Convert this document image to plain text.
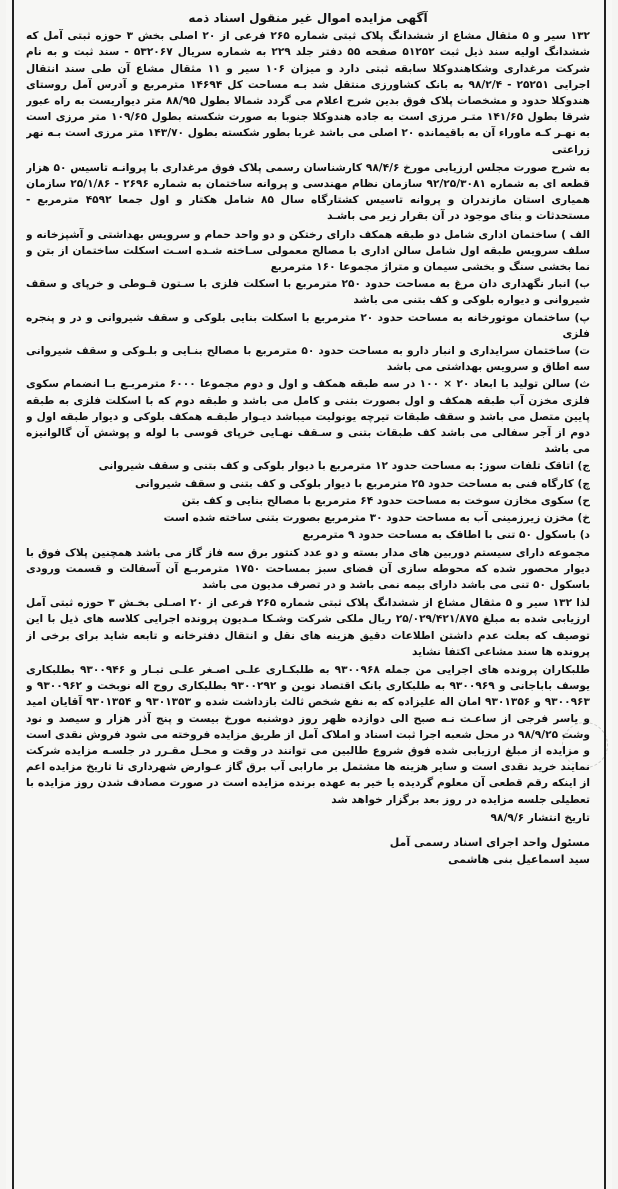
آگهی مزایده اموال غیر منقول اسناد ذمه
۱۳۲ سیر و ۵ مثقال مشاع از ششدانگ پلاک ثبتی شماره ۲۶۵ فرعی از ۲۰ اصلی بخش ۳ حوزه ثبتی آمل که ششدانگ اولیه سند ذیل ثبت ۵۱۲۵۲ صفحه ۵۵ دفتر جلد ۲۲۹ به شماره سریال ۵۳۲۰۶۷ - سند ثبت و به نام شرکت مرغداری وشکاهندوکلا سابقه ثبتی دارد و میزان ۱۰۶ سیر و ۱۱ مثقال مشاع آن طی سند انتقال اجرایی ۲۵۲۵۱ - ۹۸/۲/۴ به بانک کشاورزی منتقل شد بـه مساحت کل ۱۴۶۹۴ مترمربع و آدرس آمل روستای هندوکلا حدود و مشخصات پلاک فوق بدین شرح اعلام می گردد شمالا بطول ۸۸/۹۵ متر دیواریست به راه عبور شرقا بطول ۱۴۱/۶۵ متـر مرزی است به جاده هندوکلا جنوبا به صورت شکسته بطول ۱۰۹/۶۵ متر مرزی است به نهـر کـه ماوراء آن به باقیمانده ۲۰ اصلی می باشد غربا بطور شکسته بطول ۱۴۳/۷۰ متر مرزی است بـه نهر زراعتی
به شرح صورت مجلس ارزیابی مورخ ۹۸/۴/۶ کارشناسان رسمی پلاک فوق مرغداری با پروانـه تاسیس ۵۰ هزار قطعه ای به شماره ۹۲/۲۵/۳۰۸۱ سازمان نظام مهندسی و پروانه ساختمان به شماره ۲۶۹۶ - ۲۵/۱/۸۶ سازمان همیاری استان مازندران و پروانه تاسیس کشتارگاه سال ۸۵ شامل هکتار و اول جمعا ۴۵۹۲ مترمربع - مستحدثات و بنای موجود در آن بقرار زیر می باشـد
الف ) ساختمان اداری شامل دو طبقه همکف دارای رختکن و دو واحد حمام و سرویس بهداشتی و آشپزخانه و سلف سرویس طبقه اول شامل سالن اداری با مصالح معمولی سـاخته شـده اسـت اسکلت ساختمان از بتن و نما بخشی سنگ و بخشی سیمان و متراژ مجموعا ۱۶۰ مترمربع
ب) انبار نگهداری دان مرغ به مساحت حدود ۲۵۰ مترمربع با اسکلت فلزی با سـتون قـوطی و خرپای و سقف شیروانی و دیواره بلوکی و کف بتنی می باشد
پ) ساختمان موتورخانه به مساحت حدود ۲۰ مترمربع با اسکلت بنایی بلوکی و سقف شیروانی و در و پنجره فلزی
ت) ساختمان سرایداری و انبار دارو به مساحت حدود ۵۰ مترمربع با مصالح بنـایی و بلـوکی و سقف شیروانی سه اطاق و سرویس بهداشتی می باشد
ث) سالن تولید با ابعاد ۲۰ × ۱۰۰ در سه طبقه همکف و اول و دوم مجموعا ۶۰۰۰ مترمربـع بـا انضمام سکوی فلزی مخزن آب طبقه همکف و اول بصورت بتنی و کامل می باشد و طبقه دوم که با اسکلت فلزی به طبقه پایین متصل می باشد و سقف طبقات تیرچه یونولیت میباشد دیـوار طبقـه همکف بلوکی و دیوار طبقه اول و دوم از آجر سفالی می باشد کف طبقات بتنی و سـقف نهـایی خرپای قوسی با لوله و پوشش آن گالوانیزه می باشد
ج) اتاقک تلفات سوز: به مساحت حدود ۱۲ مترمربع با دیوار بلوکی و کف بتنی و سقف شیروانی
چ) کارگاه فنی به مساحت حدود ۲۵ مترمربع با دیوار بلوکی و کف بتنی و سقف شیروانی
ح) سکوی مخازن سوخت به مساحت حدود ۶۴ مترمربع با مصالح بنایی و کف بتن
خ) مخزن زیرزمینی آب به مساحت حدود ۳۰ مترمربع بصورت بتنی ساخته شده است
د) باسکول ۵۰ تنی با اطاقک به مساحت حدود ۹ مترمربع
مجموعه دارای سیستم دوربین های مدار بسته و دو عدد کنتور برق سه فاز گاز می باشد همچنین پلاک فوق با دیوار محصور شده که محوطه سازی آن فضای سبز بمساحت ۱۷۵۰ مترمربـع آن آسفالت و قسمت ورودی باسکول ۵۰ تنی می باشد دارای بیمه نمی باشد و در تصرف مدیون می باشد
لذا ۱۳۲ سیر و ۵ مثقال مشاع از ششدانگ پلاک ثبتی شماره ۲۶۵ فرعی از ۲۰ اصـلی بخـش ۳ حوزه ثبتی آمل ارزیابی شده به مبلغ ۲۵/۰۲۹/۴۲۱/۸۷۵ ریال ملکی شرکت وشـکا مـدیون پرونده اجرایی کلاسه های ذیل با این توصیف که بعلت عدم داشتن اطلاعات دقیق هزینه های نقل و انتقال دفترخانه و تابعه شاید برای برخی از پرونده ها سند مشاعی اکتفا نشاید
طلبکاران پرونده های اجرایی من جمله ۹۳۰۰۹۶۸ به طلبکـاری علـی اصـغر علـی تبـار و ۹۳۰۰۹۴۶ بطلبکاری یوسف باباجانی و ۹۳۰۰۹۶۹ به طلبکاری بانک اقتصاد نوین و ۹۳۰۰۲۹۲ بطلبکاری روح اله نوبخت و ۹۳۰۰۹۶۲ و ۹۳۰۰۹۶۳ و ۹۳۰۱۳۵۶ امان اله علیزاده که به نفع شخص ثالث بازداشت شده و ۹۳۰۱۳۵۳ و ۹۳۰۱۳۵۴ آقایان امید و یاسر فرجی از ساعـت نـه صبح الی دوازده ظهر روز دوشنبه مورخ بیست و پنج آذر هزار و سیصد و نود وشت ۹۸/۹/۲۵ در محل شعبه اجرا ثبت اسناد و املاک آمل از طریق مزایده فروخته می شود فروش نقدی است و مزایده از مبلغ ارزیابی شده فوق شروع طالبین می توانند در وقت و محـل مقـرر در جلسـه مزایده شرکت نمایند خرید نقدی است و سایر هزینه ها مشتمل بر مارابی آب برق گاز عـوارض شهرداری تا تاریخ مزایده اعم از اینکه رقم قطعی آن معلوم گردیده یا خیر به عهده برنده مزایده است در صورت مصادف شدن روز مزایده با تعطیلی جلسه مزایده در روز بعد برگزار خواهد شد
تاریخ انتشار ۹۸/۹/۶
مسئول واحد اجرای اسناد رسمی آمل
سید اسماعیل بنی هاشمی
